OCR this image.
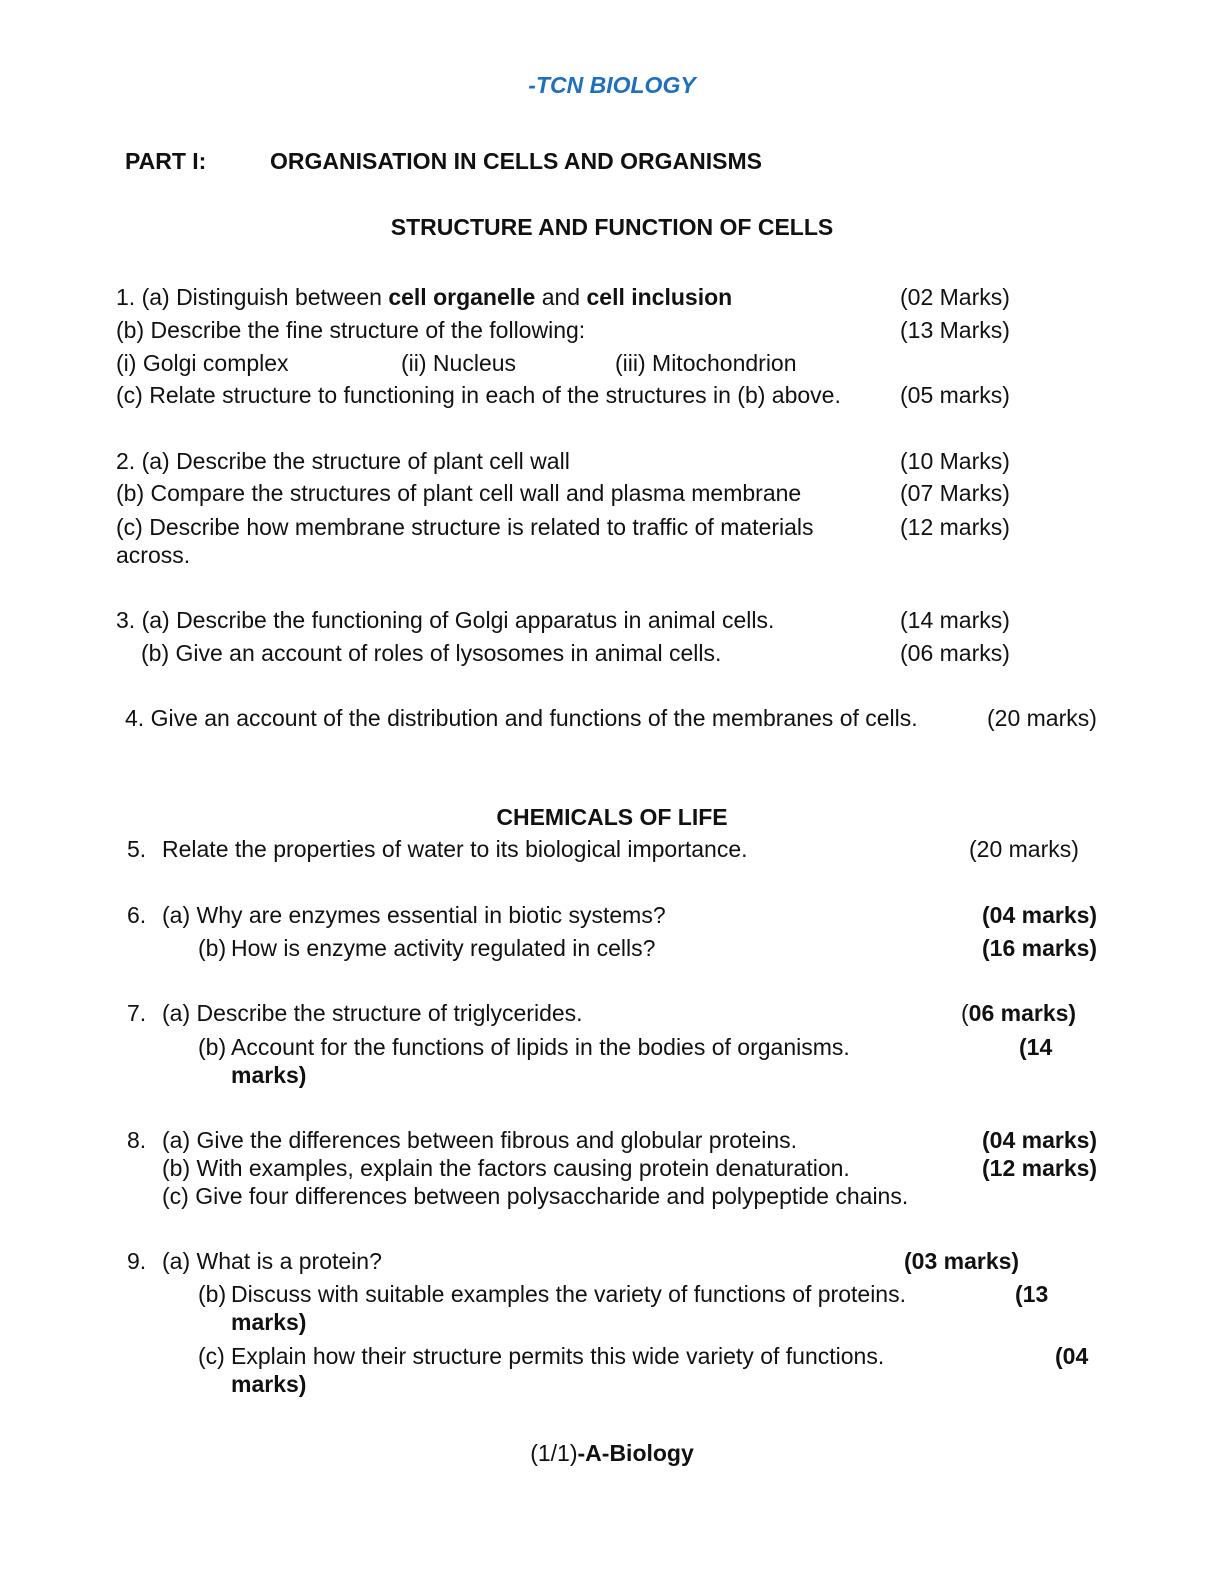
-TCN BIOLOGY
PART I:	ORGANISATION IN CELLS AND ORGANISMS
STRUCTURE AND FUNCTION OF CELLS
1. (a) Distinguish between cell organelle and cell inclusion	(02 Marks)
(b) Describe the fine structure of the following:	(13 Marks)
(i) Golgi complex	(ii) Nucleus	(iii) Mitochondrion
(c) Relate structure to functioning in each of the structures in (b) above.	(05 marks)
2. (a) Describe the structure of plant cell wall	(10 Marks)
(b) Compare the structures of plant cell wall and plasma membrane	(07 Marks)
(c) Describe how membrane structure is related to traffic of materials	(12 marks)
across.
3. (a) Describe the functioning of Golgi apparatus in animal cells.	(14 marks)
(b) Give an account of roles of lysosomes in animal cells.	(06 marks)
4. Give an account of the distribution and functions of the membranes of cells.	(20 marks)
CHEMICALS OF LIFE
5. Relate the properties of water to its biological importance.	(20 marks)
6. (a) Why are enzymes essential in biotic systems?	(04 marks)
(b) How is enzyme activity regulated in cells?	(16 marks)
7. (a) Describe the structure of triglycerides.	(06 marks)
(b) Account for the functions of lipids in the bodies of organisms.	(14
marks)
8. (a) Give the differences between fibrous and globular proteins.	(04 marks)
(b) With examples, explain the factors causing protein denaturation.	(12 marks)
(c) Give four differences between polysaccharide and polypeptide chains.
9. (a) What is a protein?	(03 marks)
(b) Discuss with suitable examples the variety of functions of proteins.	(13
marks)
(c) Explain how their structure permits this wide variety of functions.	(04
marks)
(1/1)-A-Biology
